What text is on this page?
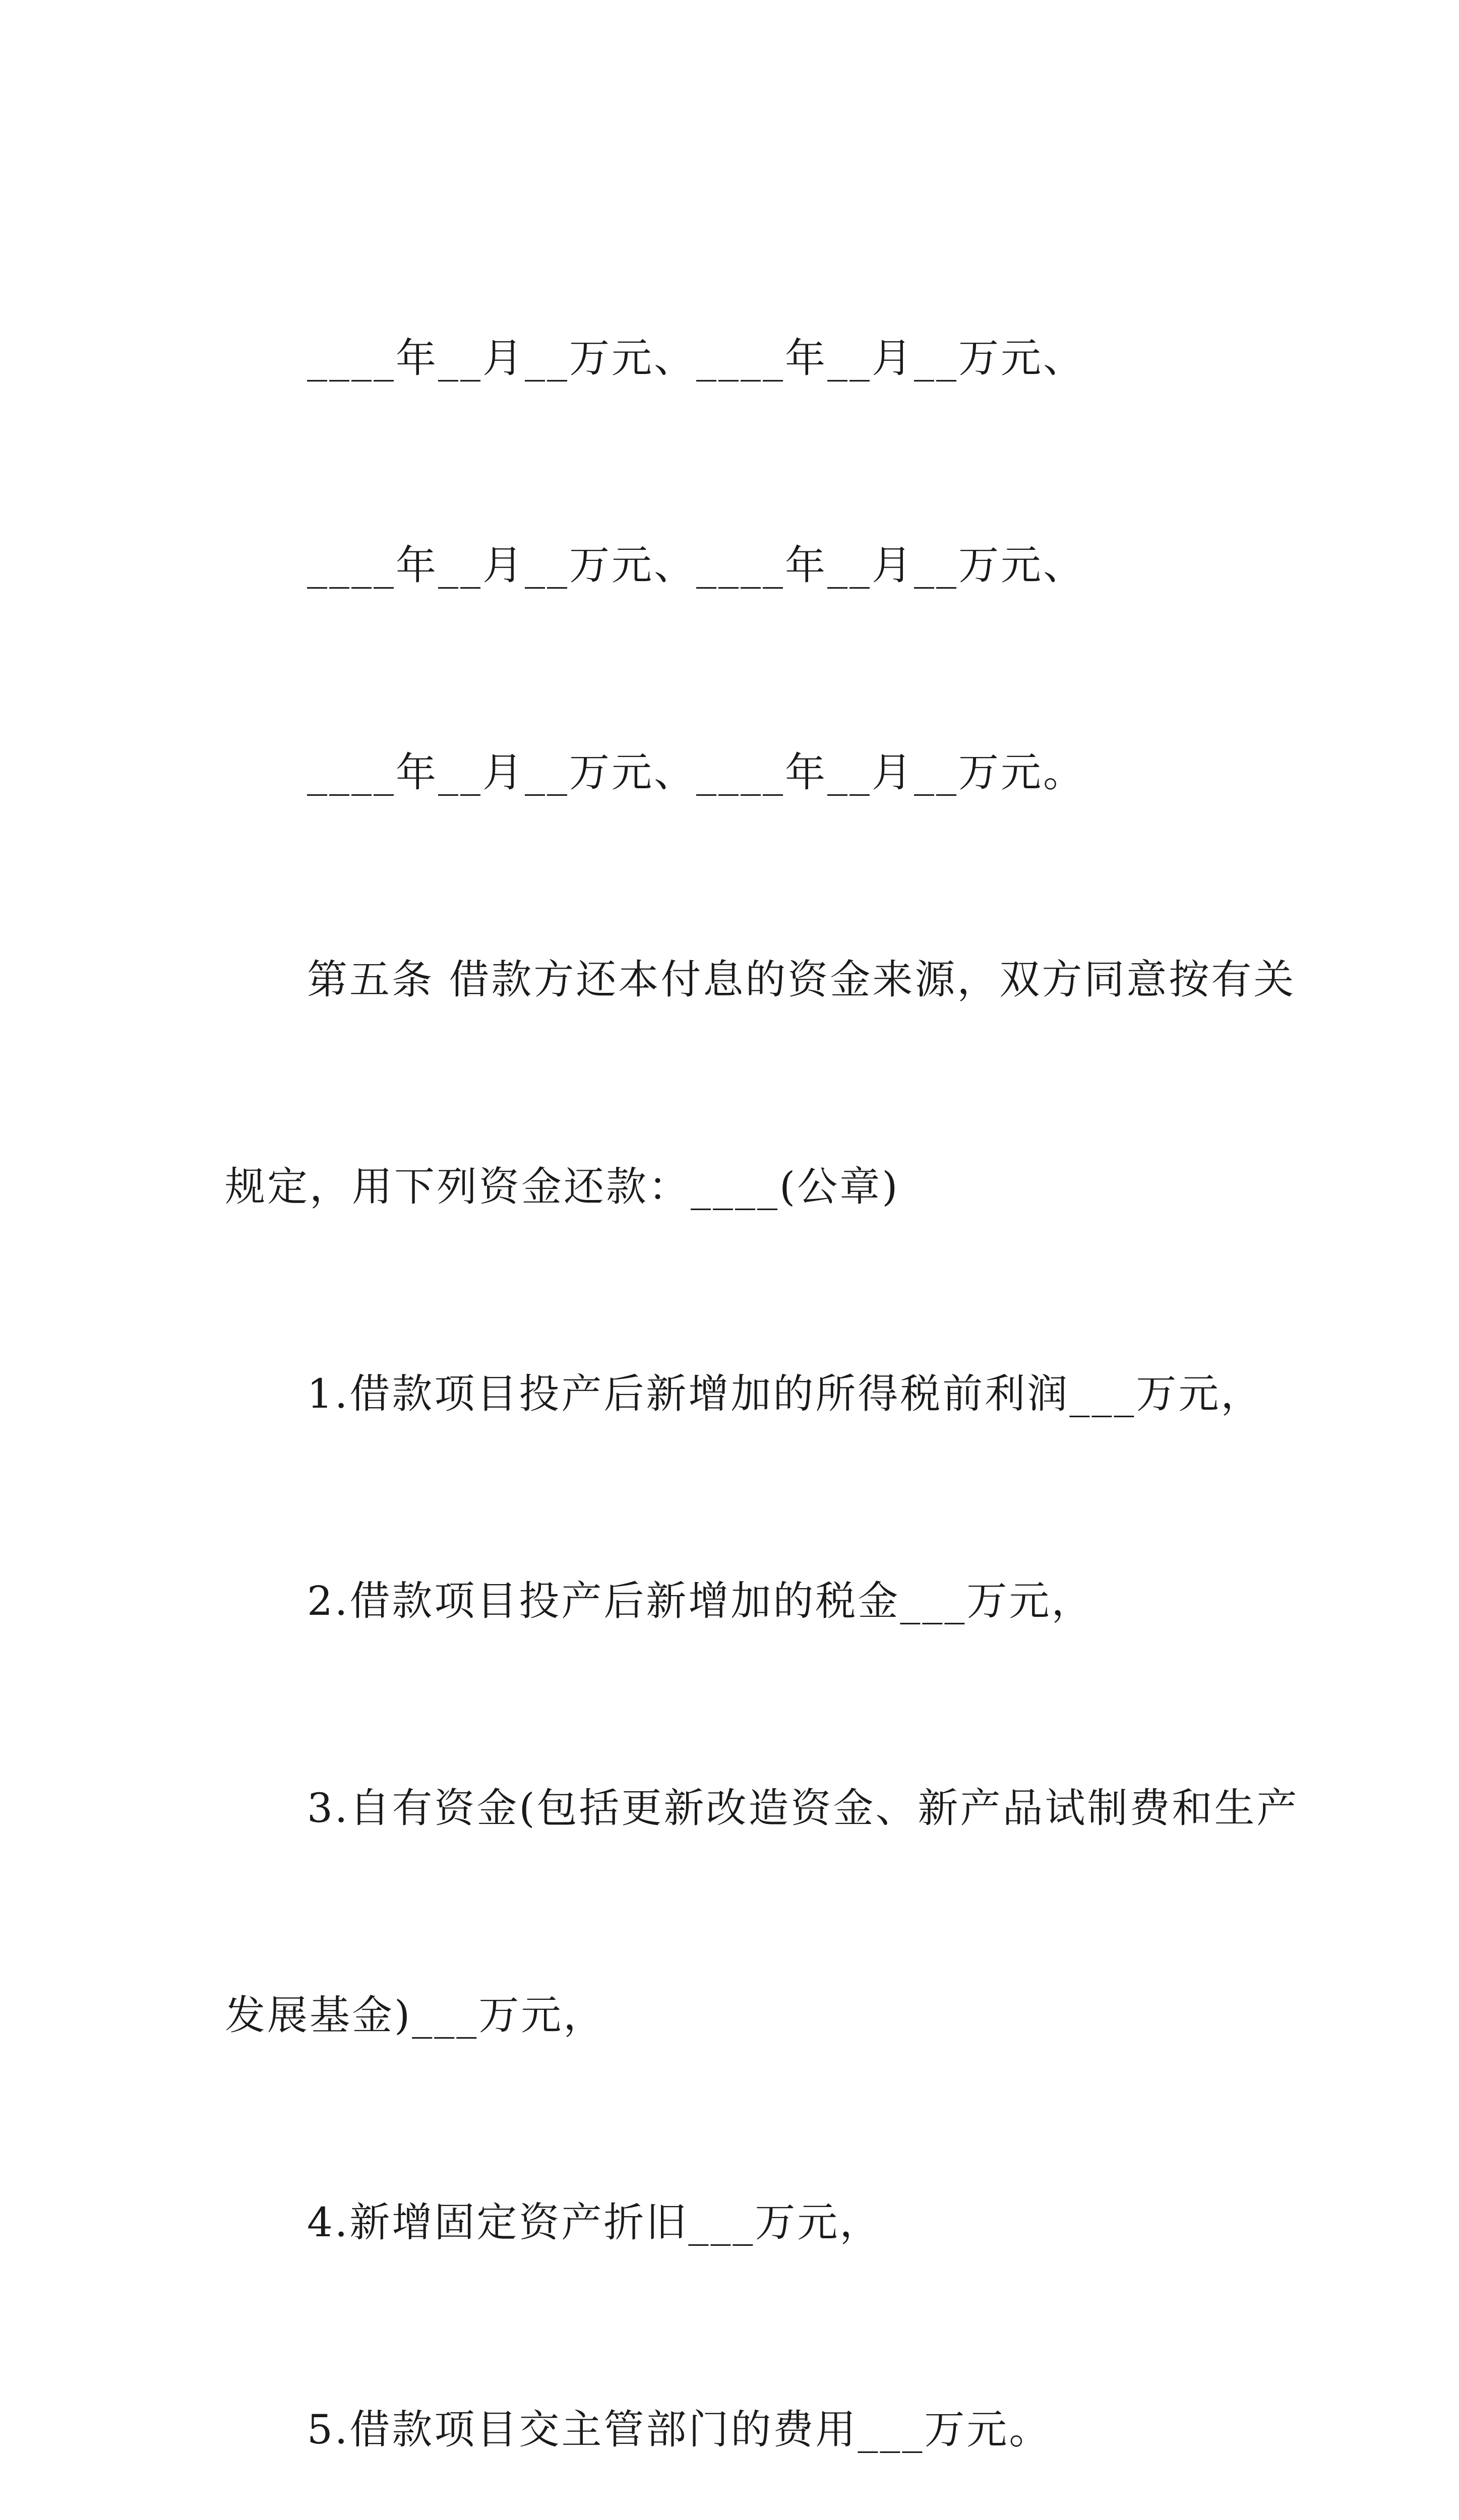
____年__月__万元、____年__月__万元、

____年__月__万元、____年__月__万元、

____年__月__万元、____年__月__万元。

第五条 借款方还本付息的资金来源，双方同意按有关

规定，用下列资金还款：____(公章)

1.借款项目投产后新增加的所得税前利润___万元，

2.借款项目投产后新增加的税金___万元，

3.自有资金(包括更新改造资金、新产品试制费和生产

发展基金)___万元，

4.新增固定资产折旧___万元，

5.借款项目交主管部门的费用___万元。
